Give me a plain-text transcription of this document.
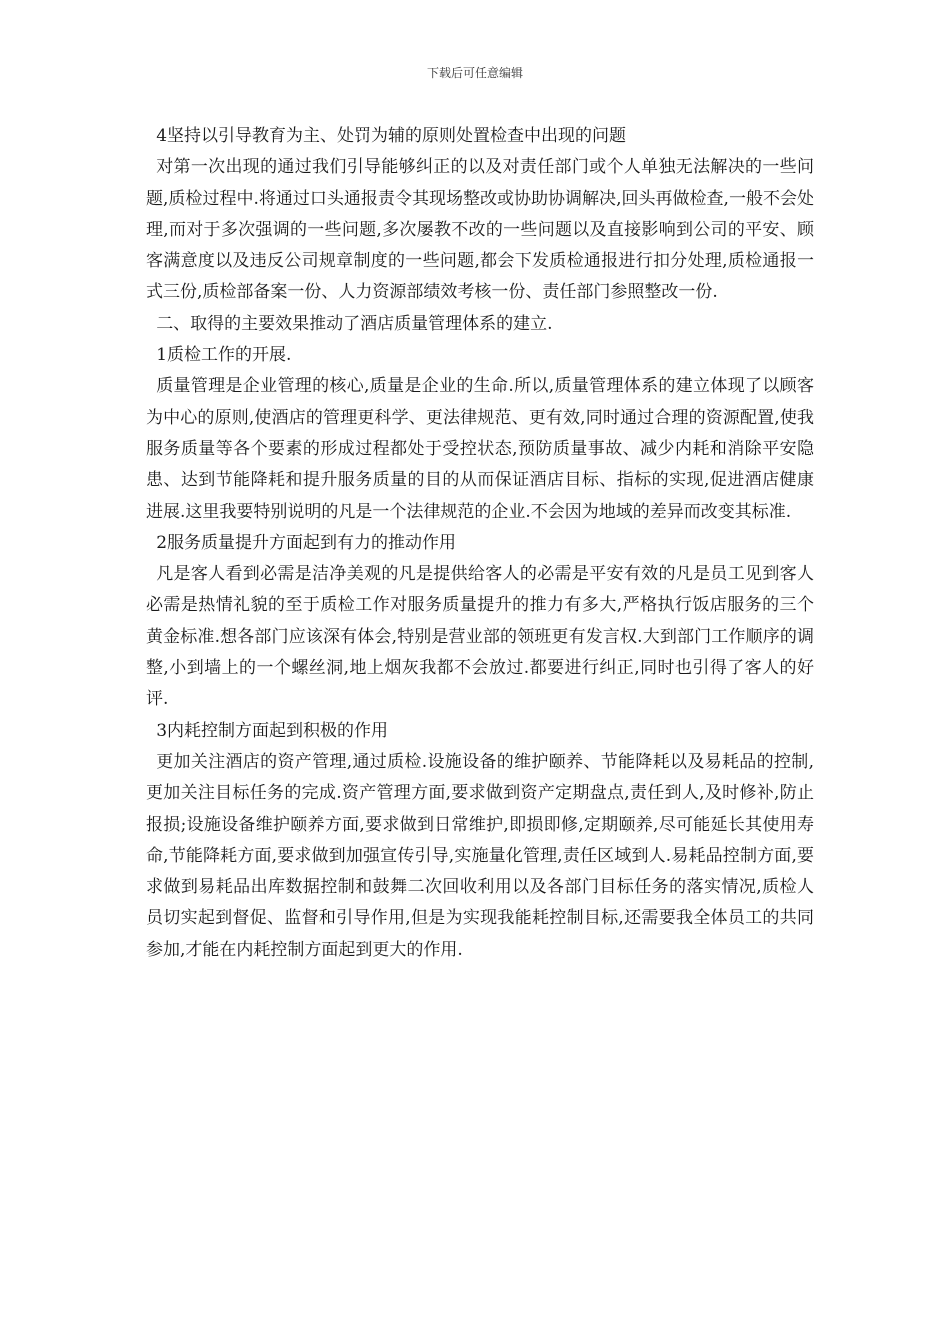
下载后可任意编辑

4坚持以引导教育为主、处罚为辅的原则处置检查中出现的问题

对第一次出现的通过我们引导能够纠正的以及对责任部门或个人单独无法解决的一些问题,质检过程中.将通过口头通报责令其现场整改或协助协调解决,回头再做检查,一般不会处理,而对于多次强调的一些问题,多次屡教不改的一些问题以及直接影响到公司的平安、顾客满意度以及违反公司规章制度的一些问题,都会下发质检通报进行扣分处理,质检通报一式三份,质检部备案一份、人力资源部绩效考核一份、责任部门参照整改一份.

二、取得的主要效果推动了酒店质量管理体系的建立.

1质检工作的开展.

质量管理是企业管理的核心,质量是企业的生命.所以,质量管理体系的建立体现了以顾客为中心的原则,使酒店的管理更科学、更法律规范、更有效,同时通过合理的资源配置,使我服务质量等各个要素的形成过程都处于受控状态,预防质量事故、减少内耗和消除平安隐患、达到节能降耗和提升服务质量的目的从而保证酒店目标、指标的实现,促进酒店健康进展.这里我要特别说明的凡是一个法律规范的企业.不会因为地域的差异而改变其标准.

2服务质量提升方面起到有力的推动作用

凡是客人看到必需是洁净美观的凡是提供给客人的必需是平安有效的凡是员工见到客人必需是热情礼貌的至于质检工作对服务质量提升的推力有多大,严格执行饭店服务的三个黄金标准.想各部门应该深有体会,特别是营业部的领班更有发言权.大到部门工作顺序的调整,小到墙上的一个螺丝洞,地上烟灰我都不会放过.都要进行纠正,同时也引得了客人的好评.

3内耗控制方面起到积极的作用

更加关注酒店的资产管理,通过质检.设施设备的维护颐养、节能降耗以及易耗品的控制,更加关注目标任务的完成.资产管理方面,要求做到资产定期盘点,责任到人,及时修补,防止报损;设施设备维护颐养方面,要求做到日常维护,即损即修,定期颐养,尽可能延长其使用寿命,节能降耗方面,要求做到加强宣传引导,实施量化管理,责任区域到人.易耗品控制方面,要求做到易耗品出库数据控制和鼓舞二次回收利用以及各部门目标任务的落实情况,质检人员切实起到督促、监督和引导作用,但是为实现我能耗控制目标,还需要我全体员工的共同参加,才能在内耗控制方面起到更大的作用.
